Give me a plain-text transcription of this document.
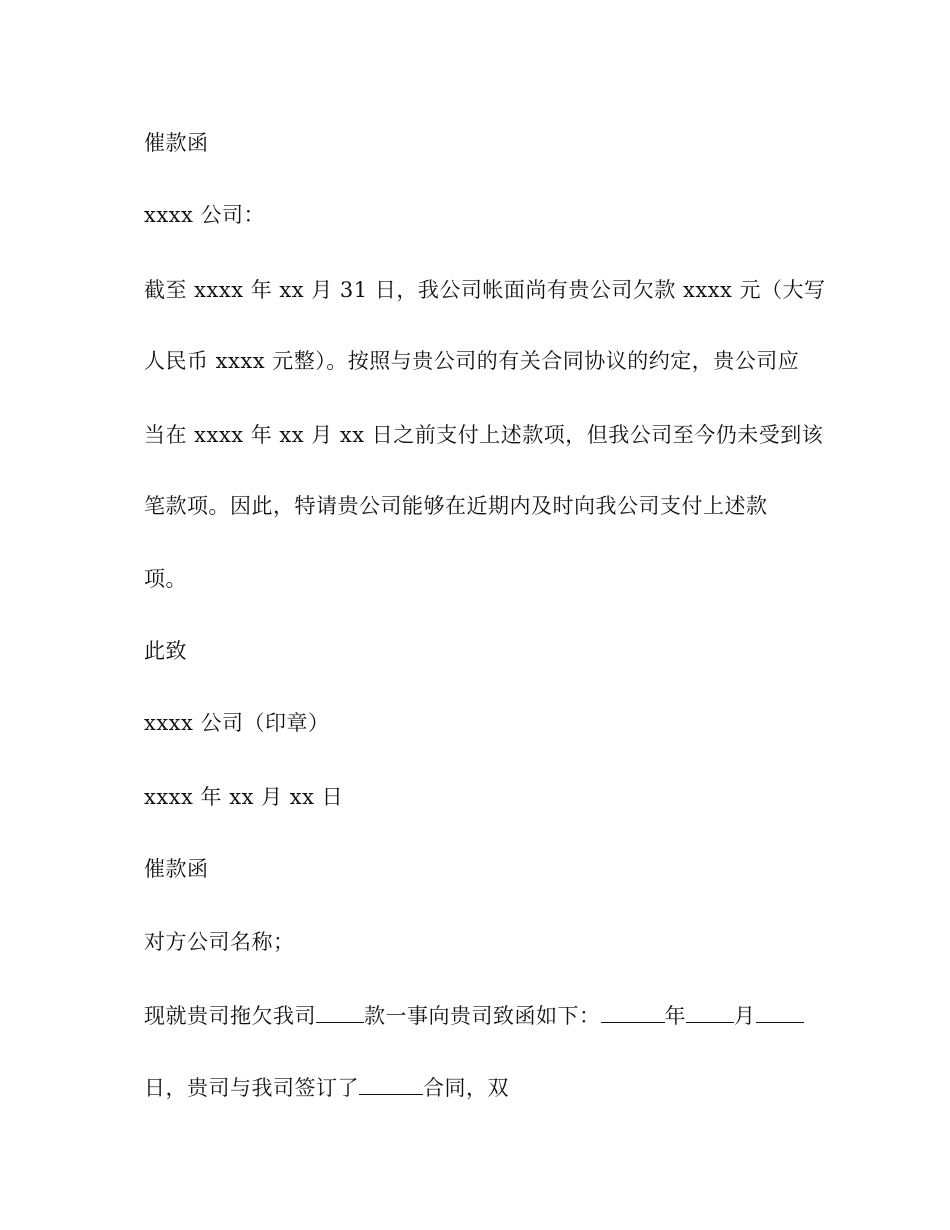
催款函
xxxx 公司：
截至 xxxx 年 xx 月 31 日，我公司帐面尚有贵公司欠款 xxxx 元（大写
人民币 xxxx 元整）。按照与贵公司的有关合同协议的约定，贵公司应
当在 xxxx 年 xx 月 xx 日之前支付上述款项，但我公司至今仍未受到该
笔款项。因此，特请贵公司能够在近期内及时向我公司支付上述款
项。
此致
xxxx 公司（印章）
xxxx 年 xx 月 xx 日
催款函
对方公司名称；
现就贵司拖欠我司 款一事向贵司致函如下：	年 月
日，贵司与我司签订了	合同，双
